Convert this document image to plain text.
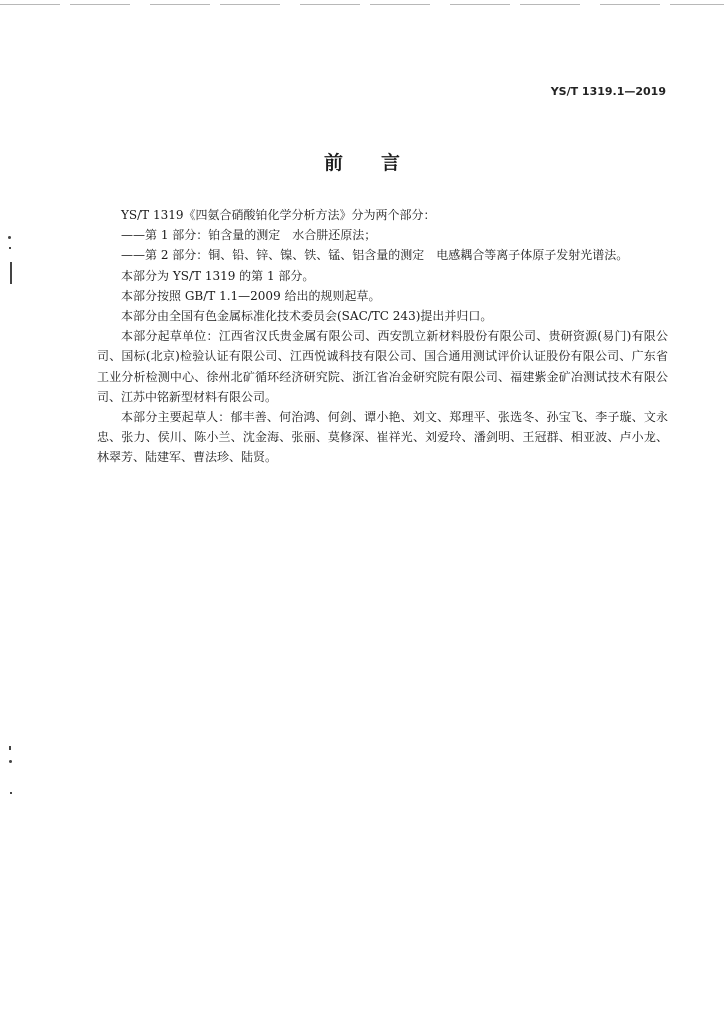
YS/T 1319.1—2019
前 言

YS/T 1319《四氨合硝酸铂化学分析方法》分为两个部分：

——第 1 部分：铂含量的测定　水合肼还原法；

——第 2 部分：铜、铅、锌、镍、铁、锰、铝含量的测定　电感耦合等离子体原子发射光谱法。

本部分为 YS/T 1319 的第 1 部分。

本部分按照 GB/T 1.1—2009 给出的规则起草。

本部分由全国有色金属标准化技术委员会(SAC/TC 243)提出并归口。

本部分起草单位：江西省汉氏贵金属有限公司、西安凯立新材料股份有限公司、贵研资源(易门)有限公司、国标(北京)检验认证有限公司、江西悦诚科技有限公司、国合通用测试评价认证股份有限公司、广东省工业分析检测中心、徐州北矿循环经济研究院、浙江省冶金研究院有限公司、福建紫金矿冶测试技术有限公司、江苏中铭新型材料有限公司。

本部分主要起草人：郁丰善、何治鸿、何剑、谭小艳、刘文、郑理平、张选冬、孙宝飞、李子璇、文永忠、张力、侯川、陈小兰、沈金海、张丽、莫修深、崔祥光、刘爱玲、潘剑明、王冠群、相亚波、卢小龙、林翠芳、陆建军、曹法珍、陆贤。
